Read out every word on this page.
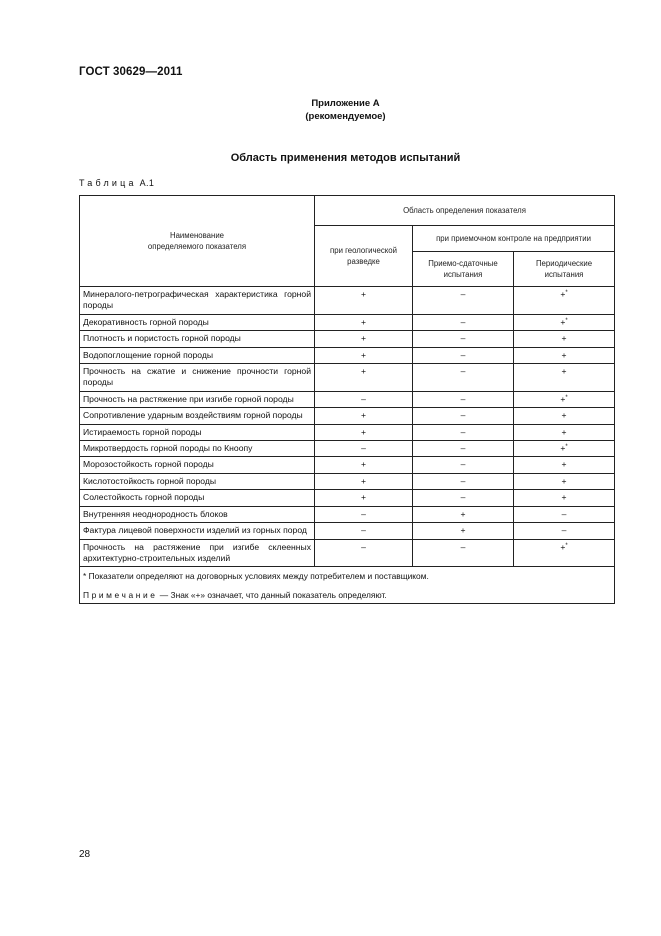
ГОСТ 30629—2011
Приложение А
(рекомендуемое)
Область применения методов испытаний
Таблица А.1
Наименование определяемого показателя	Область определения показателя		
	при геологической разведке	при приемочном контроле на предприятии	
		Приемо-сдаточные испытания	Периодические испытания
Минералого-петрографическая характеристика горной породы	+	–	+*
Декоративность горной породы	+	–	+*
Плотность и пористость горной породы	+	–	+
Водопоглощение горной породы	+	–	+
Прочность на сжатие и снижение прочности горной породы	+	–	+
Прочность на растяжение при изгибе горной породы	–	–	+*
Сопротивление ударным воздействиям горной породы	+	–	+
Истираемость горной породы	+	–	+
Микротвердость горной породы по Кноопу	–	–	+*
Морозостойкость горной породы	+	–	+
Кислотостойкость горной породы	+	–	+
Солестойкость горной породы	+	–	+
Внутренняя неоднородность блоков	–	+	–
Фактура лицевой поверхности изделий из горных пород	–	+	–
Прочность на растяжение при изгибе склеенных архитектурно-строительных изделий	–	–	+*

* Показатели определяют на договорных условиях между потребителем и поставщиком.
Примечание — Знак «+» означает, что данный показатель определяют.			
28
